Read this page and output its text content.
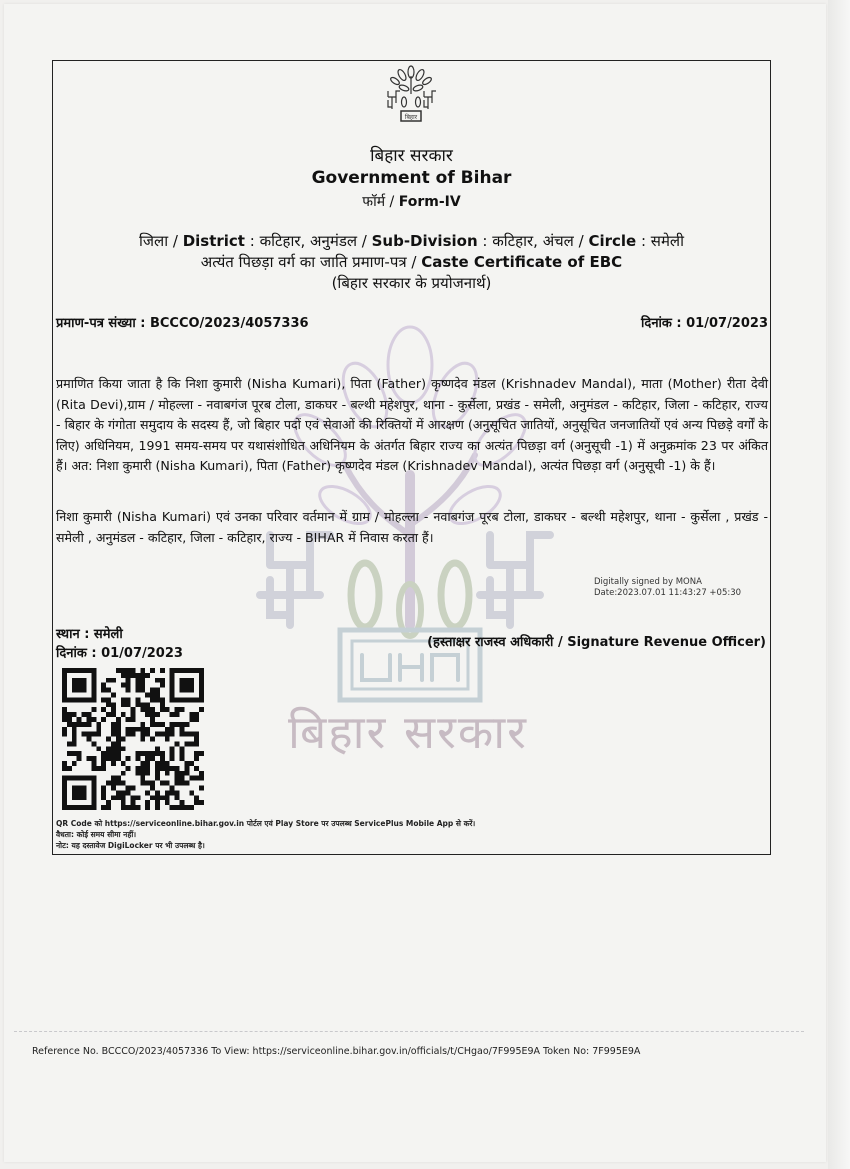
बिहार सरकार
बिहार
बिहार सरकार
Government of Bihar
फॉर्म / Form-IV
जिला / District : कटिहार, अनुमंडल / Sub-Division : कटिहार, अंचल / Circle : समेली
अत्यंत पिछड़ा वर्ग का जाति प्रमाण-पत्र / Caste Certificate of EBC
(बिहार सरकार के प्रयोजनार्थ)
प्रमाण-पत्र संख्या : BCCCO/2023/4057336	दिनांक : 01/07/2023
प्रमाणित किया जाता है कि निशा कुमारी (Nisha Kumari), पिता (Father) कृष्णदेव मंडल (Krishnadev Mandal), माता (Mother) रीता देवी (Rita Devi),ग्राम / मोहल्ला - नवाबगंज पूरब टोला, डाकघर - बल्थी महेशपुर, थाना - कुर्सेला, प्रखंड - समेली, अनुमंडल - कटिहार, जिला - कटिहार, राज्य - बिहार के गंगोता समुदाय के सदस्य हैं, जो बिहार पदों एवं सेवाओं की रिक्तियों में आरक्षण (अनुसूचित जातियों, अनुसूचित जनजातियों एवं अन्य पिछड़े वर्गों के लिए) अधिनियम, 1991 समय-समय पर यथासंशोधित अधिनियम के अंतर्गत बिहार राज्य का अत्यंत पिछड़ा वर्ग (अनुसूची -1) में अनुक्रमांक 23 पर अंकित हैं। अत: निशा कुमारी (Nisha Kumari), पिता (Father) कृष्णदेव मंडल (Krishnadev Mandal), अत्यंत पिछड़ा वर्ग (अनुसूची -1) के हैं।
निशा कुमारी (Nisha Kumari) एवं उनका परिवार वर्तमान में ग्राम / मोहल्ला - नवाबगंज पूरब टोला, डाकघर - बल्थी महेशपुर, थाना - कुर्सेला , प्रखंड - समेली , अनुमंडल - कटिहार, जिला - कटिहार, राज्य - BIHAR में निवास करता हैं।
Digitally signed by MONA
Date:2023.07.01 11:43:27 +05:30
स्थान : समेली
दिनांक : 01/07/2023
(हस्ताक्षर राजस्व अधिकारी / Signature Revenue Officer)
QR Code को https://serviceonline.bihar.gov.in पोर्टल एवं Play Store पर उपलब्ध ServicePlus Mobile App से करें।
वैधता: कोई समय सीमा नहीं।
नोट: यह दस्तावेज DigiLocker पर भी उपलब्ध है।
Reference No. BCCCO/2023/4057336 To View: https://serviceonline.bihar.gov.in/officials/t/CHgao/7F995E9A Token No: 7F995E9A
